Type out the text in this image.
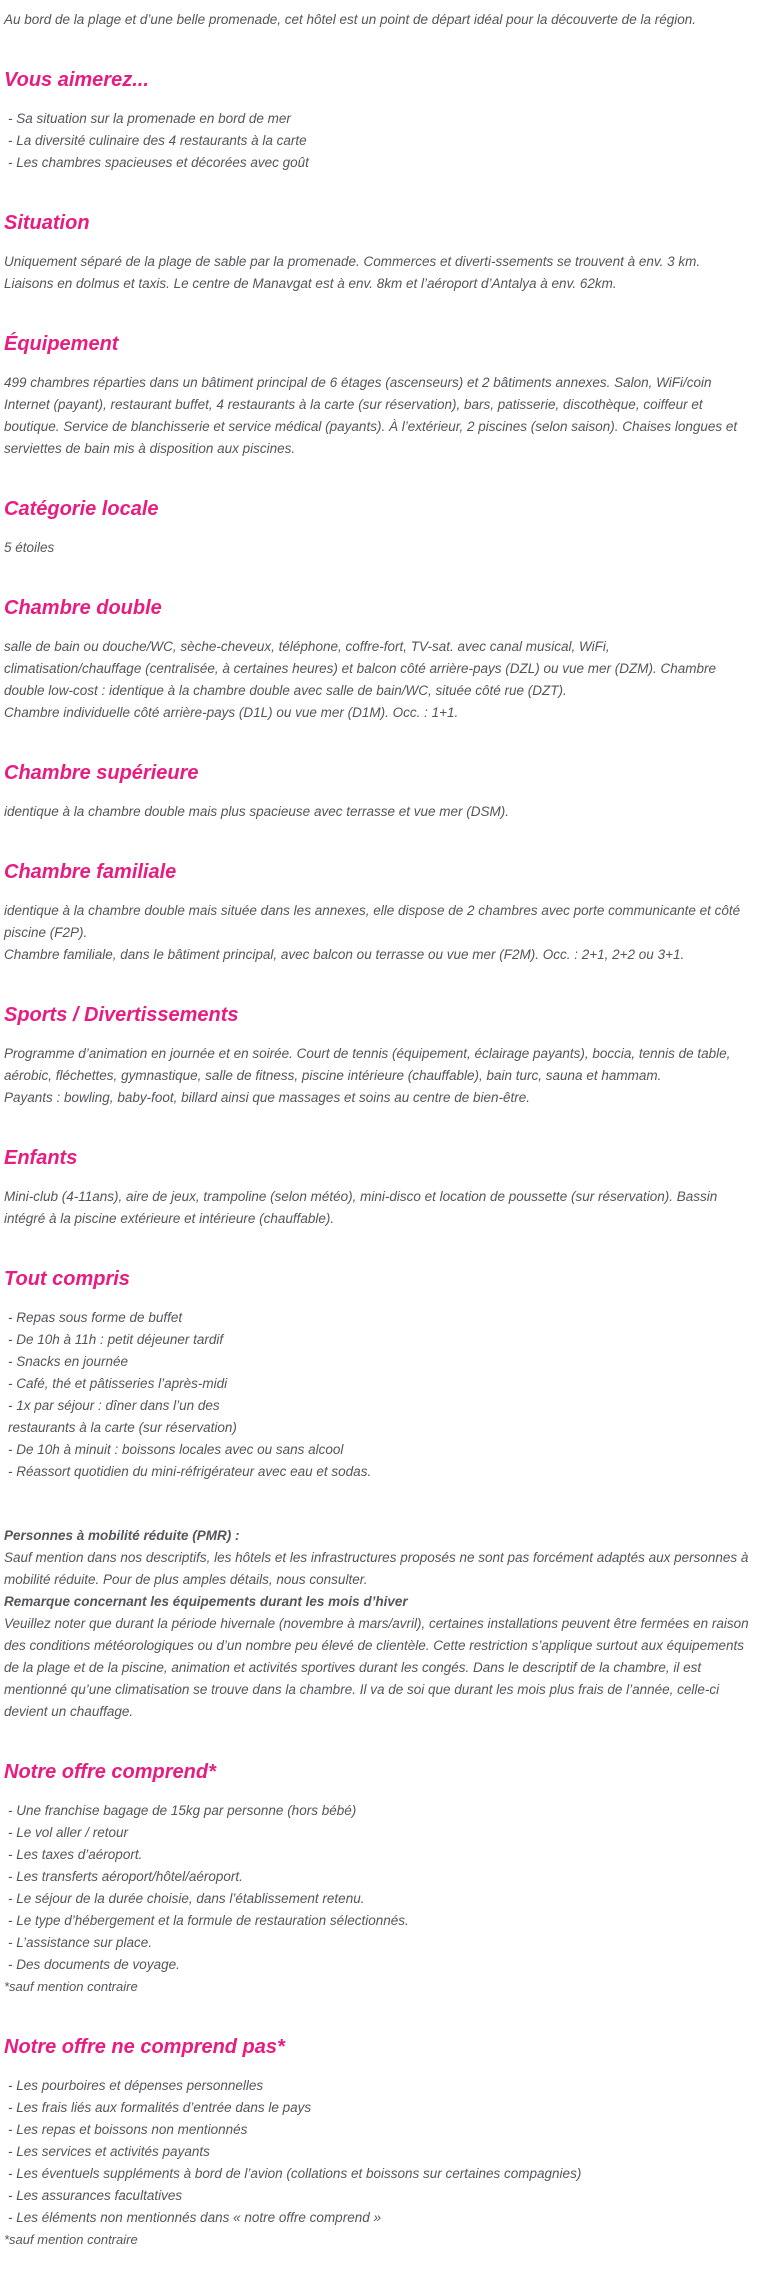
Au bord de la plage et d’une belle promenade, cet hôtel est un point de départ idéal pour la découverte de la région.

Vous aimerez...

- Sa situation sur la promenade en bord de mer

- La diversité culinaire des 4 restaurants à la carte

- Les chambres spacieuses et décorées avec goût

Situation

Uniquement séparé de la plage de sable par la promenade. Commerces et diverti-ssements se trouvent à env. 3 km.

Liaisons en dolmus et taxis. Le centre de Manavgat est à env. 8km et l’aéroport d’Antalya à env. 62km.

Équipement

499 chambres réparties dans un bâtiment principal de 6 étages (ascenseurs) et 2 bâtiments annexes. Salon, WiFi/coin Internet (payant), restaurant buffet, 4 restaurants à la carte (sur réservation), bars, patisserie, discothèque, coiffeur et boutique. Service de blanchisserie et service médical (payants). À l’extérieur, 2 piscines (selon saison). Chaises longues et serviettes de bain mis à disposition aux piscines.

Catégorie locale

5 étoiles

Chambre double

salle de bain ou douche/WC, sèche-cheveux, téléphone, coffre-fort, TV-sat. avec canal musical, WiFi, climatisation/chauffage (centralisée, à certaines heures) et balcon côté arrière-pays (DZL) ou vue mer (DZM). Chambre double low-cost : identique à la chambre double avec salle de bain/WC, située côté rue (DZT).

Chambre individuelle côté arrière-pays (D1L) ou vue mer (D1M). Occ. : 1+1.

Chambre supérieure

identique à la chambre double mais plus spacieuse avec terrasse et vue mer (DSM).

Chambre familiale

identique à la chambre double mais située dans les annexes, elle dispose de 2 chambres avec porte communicante et côté piscine (F2P).

Chambre familiale, dans le bâtiment principal, avec balcon ou terrasse ou vue mer (F2M). Occ. : 2+1, 2+2 ou 3+1.

Sports / Divertissements

Programme d’animation en journée et en soirée. Court de tennis (équipement, éclairage payants), boccia, tennis de table, aérobic, fléchettes, gymnastique, salle de fitness, piscine intérieure (chauffable), bain turc, sauna et hammam.

Payants : bowling, baby-foot, billard ainsi que massages et soins au centre de bien-être.

Enfants

Mini-club (4-11ans), aire de jeux, trampoline (selon météo), mini-disco et location de poussette (sur réservation). Bassin intégré à la piscine extérieure et intérieure (chauffable).

Tout compris

- Repas sous forme de buffet

- De 10h à 11h : petit déjeuner tardif

- Snacks en journée

- Café, thé et pâtisseries l’après-midi

- 1x par séjour : dîner dans l’un des

restaurants à la carte (sur réservation)

- De 10h à minuit : boissons locales avec ou sans alcool

- Réassort quotidien du mini-réfrigérateur avec eau et sodas.

Personnes à mobilité réduite (PMR) :

Sauf mention dans nos descriptifs, les hôtels et les infrastructures proposés ne sont pas forcément adaptés aux personnes à mobilité réduite. Pour de plus amples détails, nous consulter.

Remarque concernant les équipements durant les mois d’hiver

Veuillez noter que durant la période hivernale (novembre à mars/avril), certaines installations peuvent être fermées en raison des conditions météorologiques ou d’un nombre peu élevé de clientèle. Cette restriction s’applique surtout aux équipements de la plage et de la piscine, animation et activités sportives durant les congés. Dans le descriptif de la chambre, il est mentionné qu’une climatisation se trouve dans la chambre. Il va de soi que durant les mois plus frais de l’année, celle-ci devient un chauffage.

Notre offre comprend*

- Une franchise bagage de 15kg par personne (hors bébé)

- Le vol aller / retour

- Les taxes d’aéroport.

- Les transferts aéroport/hôtel/aéroport.

- Le séjour de la durée choisie, dans l’établissement retenu.

- Le type d’hébergement et la formule de restauration sélectionnés.

- L’assistance sur place.

- Des documents de voyage.

*sauf mention contraire

Notre offre ne comprend pas*

- Les pourboires et dépenses personnelles

- Les frais liés aux formalités d’entrée dans le pays

- Les repas et boissons non mentionnés

- Les services et activités payants

- Les éventuels suppléments à bord de l’avion (collations et boissons sur certaines compagnies)

- Les assurances facultatives

- Les éléments non mentionnés dans « notre offre comprend »

*sauf mention contraire
